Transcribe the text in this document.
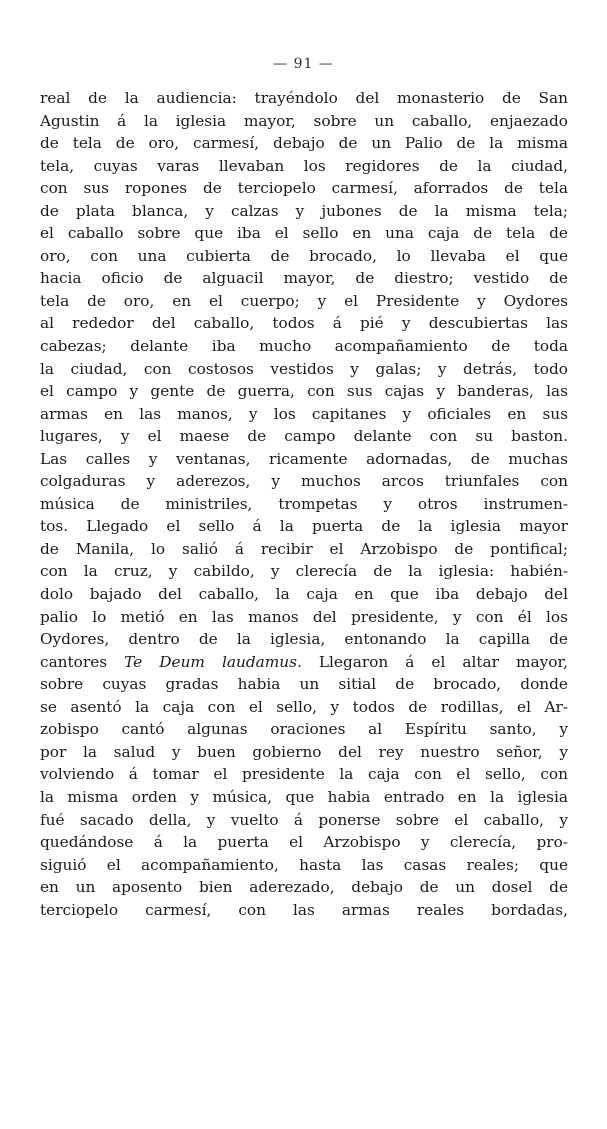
— 91 —
real de la audiencia: trayéndolo del monasterio de San
Agustin á la iglesia mayor, sobre un caballo, enjaezado
de tela de oro, carmesí, debajo de un Palio de la misma
tela, cuyas varas llevaban los regidores de la ciudad,
con sus ropones de terciopelo carmesí, aforrados de tela
de plata blanca, y calzas y jubones de la misma tela;
el caballo sobre que iba el sello en una caja de tela de
oro, con una cubierta de brocado, lo llevaba el que
hacia oficio de alguacil mayor, de diestro; vestido de
tela de oro, en el cuerpo; y el Presidente y Oydores
al rededor del caballo, todos á pié y descubiertas las
cabezas; delante iba mucho acompañamiento de toda
la ciudad, con costosos vestidos y galas; y detrás, todo
el campo y gente de guerra, con sus cajas y banderas, las
armas en las manos, y los capitanes y oficiales en sus
lugares, y el maese de campo delante con su baston.
Las calles y ventanas, ricamente adornadas, de muchas
colgaduras y aderezos, y muchos arcos triunfales con
música de ministriles, trompetas y otros instrumen-
tos. Llegado el sello á la puerta de la iglesia mayor
de Manila, lo salió á recibir el Arzobispo de pontifical;
con la cruz, y cabildo, y clerecía de la iglesia: habién-
dolo bajado del caballo, la caja en que iba debajo del
palio lo metió en las manos del presidente, y con él los
Oydores, dentro de la iglesia, entonando la capilla de
cantores Te Deum laudamus. Llegaron á el altar mayor,
sobre cuyas gradas habia un sitial de brocado, donde
se asentó la caja con el sello, y todos de rodillas, el Ar-
zobispo cantó algunas oraciones al Espíritu santo, y
por la salud y buen gobierno del rey nuestro señor, y
volviendo á tomar el presidente la caja con el sello, con
la misma orden y música, que habia entrado en la iglesia
fué sacado della, y vuelto á ponerse sobre el caballo, y
quedándose á la puerta el Arzobispo y clerecía, pro-
siguió el acompañamiento, hasta las casas reales; que
en un aposento bien aderezado, debajo de un dosel de
terciopelo carmesí, con las armas reales bordadas,
